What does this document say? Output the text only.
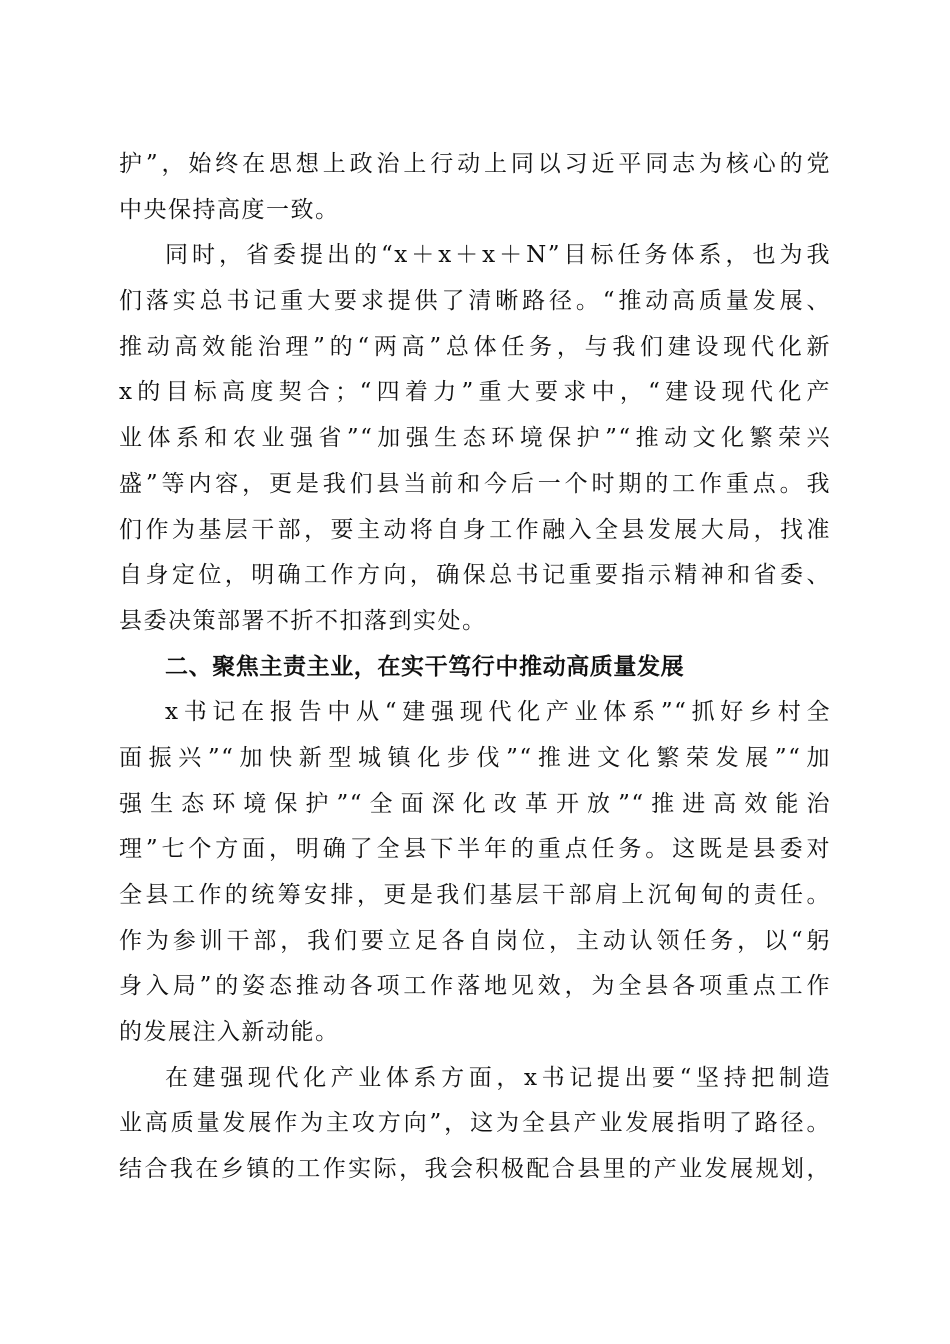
护”，始终在思想上政治上行动上同以习近平同志为核心的党
中央保持高度一致。
同时，省委提出的“x＋x＋x＋N”目标任务体系，也为我
们落实总书记重大要求提供了清晰路径。“推动高质量发展、
推动高效能治理”的“两高”总体任务，与我们建设现代化新
x的目标高度契合；“四着力”重大要求中，“建设现代化产
业体系和农业强省”“加强生态环境保护”“推动文化繁荣兴
盛”等内容，更是我们县当前和今后一个时期的工作重点。我
们作为基层干部，要主动将自身工作融入全县发展大局，找准
自身定位，明确工作方向，确保总书记重要指示精神和省委、
县委决策部署不折不扣落到实处。
二、聚焦主责主业，在实干笃行中推动高质量发展
x书记在报告中从“建强现代化产业体系”“抓好乡村全
面振兴”“加快新型城镇化步伐”“推进文化繁荣发展”“加
强生态环境保护”“全面深化改革开放”“推进高效能治
理”七个方面，明确了全县下半年的重点任务。这既是县委对
全县工作的统筹安排，更是我们基层干部肩上沉甸甸的责任。
作为参训干部，我们要立足各自岗位，主动认领任务，以“躬
身入局”的姿态推动各项工作落地见效，为全县各项重点工作
的发展注入新动能。
在建强现代化产业体系方面，x书记提出要“坚持把制造
业高质量发展作为主攻方向”，这为全县产业发展指明了路径。
结合我在乡镇的工作实际，我会积极配合县里的产业发展规划，
